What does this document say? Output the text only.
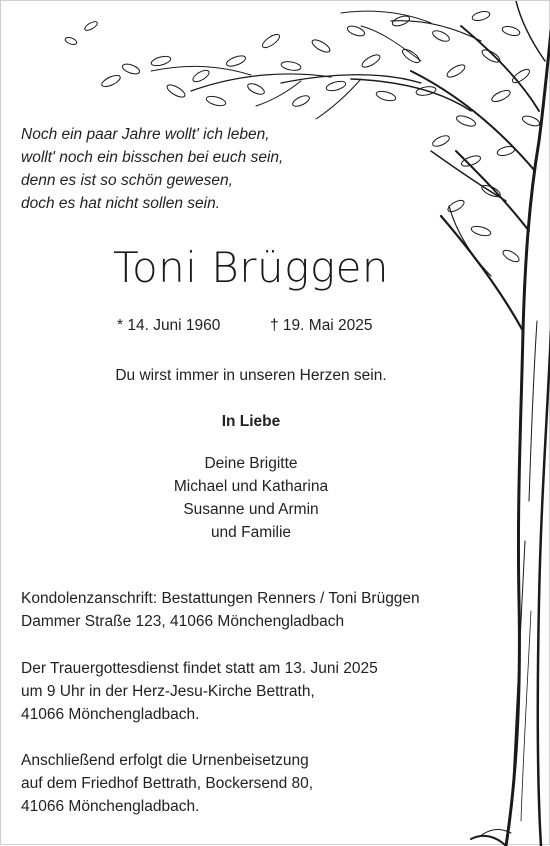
Noch ein paar Jahre wollt' ich leben,
wollt' noch ein bisschen bei euch sein,
denn es ist so schön gewesen,
doch es hat nicht sollen sein.
Toni Brüggen
* 14. Juni 1960	† 19. Mai 2025
Du wirst immer in unseren Herzen sein.
In Liebe
Deine Brigitte
Michael und Katharina
Susanne und Armin
und Familie
Kondolenzanschrift: Bestattungen Renners / Toni Brüggen
Dammer Straße 123, 41066 Mönchengladbach
Der Trauergottesdienst findet statt am 13. Juni 2025
um 9 Uhr in der Herz-Jesu-Kirche Bettrath,
41066 Mönchengladbach.
Anschließend erfolgt die Urnenbeisetzung
auf dem Friedhof Bettrath, Bockersend 80,
41066 Mönchengladbach.
